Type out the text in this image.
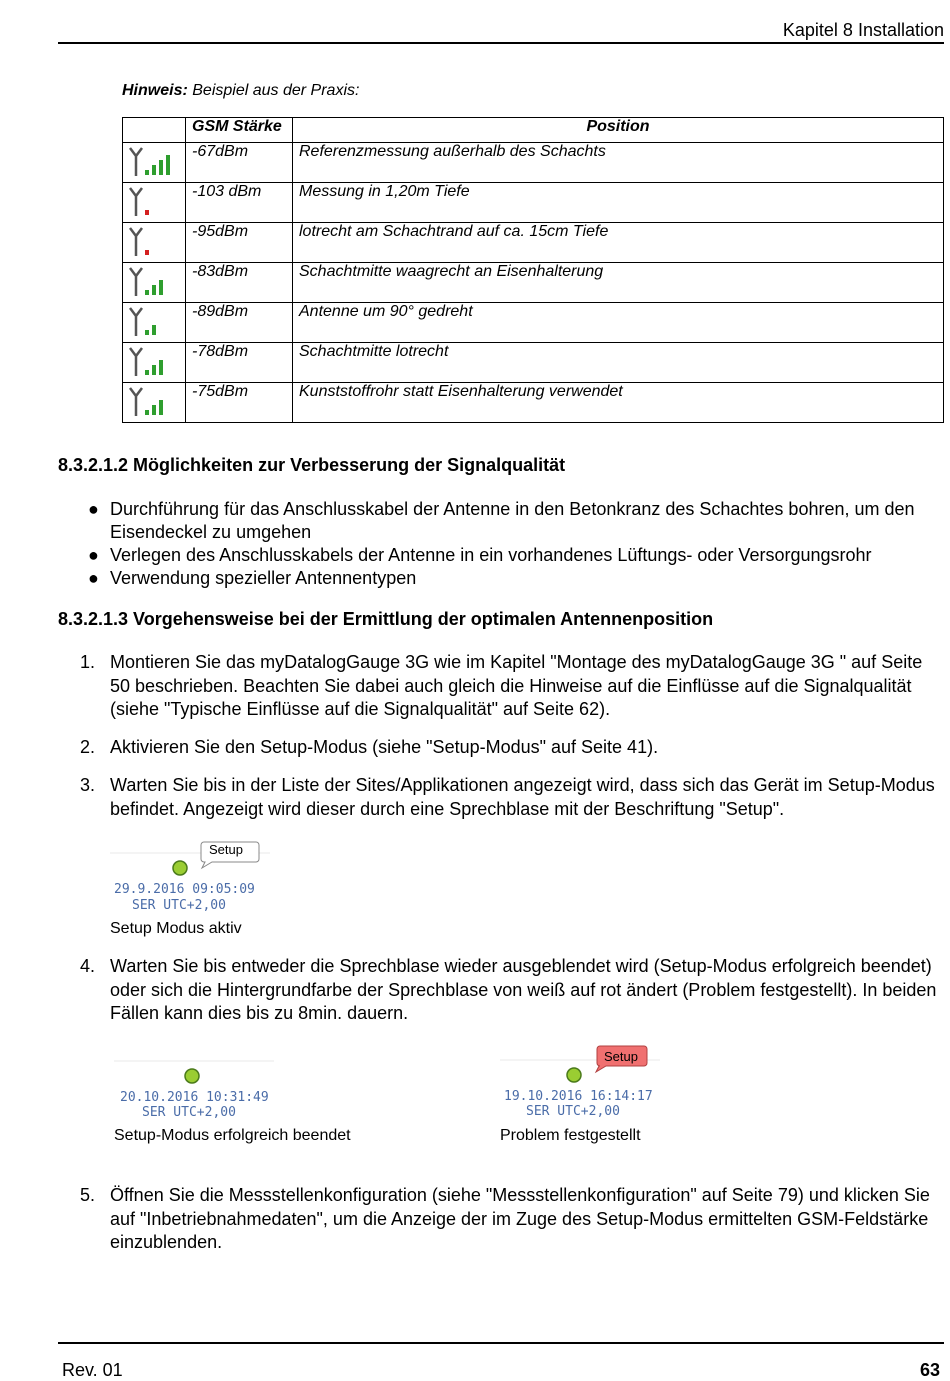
Kapitel 8 Installation
Hinweis: Beispiel aus der Praxis:
	GSM Stärke	Position

	-67dBm	Referenzmessung außerhalb des Schachts

	-103 dBm	Messung in 1,20m Tiefe

	-95dBm	lotrecht am Schachtrand auf ca. 15cm Tiefe

	-83dBm	Schachtmitte waagrecht an Eisenhalterung

	-89dBm	Antenne um 90° gedreht

	-78dBm	Schachtmitte lotrecht

	-75dBm	Kunststoffrohr statt Eisenhalterung verwendet
8.3.2.1.2 Möglichkeiten zur Verbesserung der Signalqualität
● Durchführung für das Anschlusskabel der Antenne in den Betonkranz des Schachtes bohren, um den Eisendeckel zu umgehen
● Verlegen des Anschlusskabels der Antenne in ein vorhandenes Lüftungs- oder Versorgungsrohr
● Verwendung spezieller Antennentypen
8.3.2.1.3 Vorgehensweise bei der Ermittlung der optimalen Antennenposition
1. Montieren Sie das myDatalogGauge 3G wie im Kapitel "Montage des myDatalogGauge 3G " auf Seite 50 beschrieben. Beachten Sie dabei auch gleich die Hinweise auf die Einflüsse auf die Signalqualität (siehe "Typische Einflüsse auf die Signalqualität" auf Seite 62).
2. Aktivieren Sie den Setup-Modus (siehe "Setup-Modus" auf Seite 41).
3. Warten Sie bis in der Liste der Sites/Applikationen angezeigt wird, dass sich das Gerät im Setup-Modus befindet. Angezeigt wird dieser durch eine Sprechblase mit der Beschriftung "Setup".
4. Warten Sie bis entweder die Sprechblase wieder ausgeblendet wird (Setup-Modus erfolgreich beendet) oder sich die Hintergrundfarbe der Sprechblase von weiß auf rot ändert (Problem festgestellt). In beiden Fällen kann dies bis zu 8min. dauern.
5. Öffnen Sie die Messstellenkonfiguration (siehe "Messstellenkonfiguration" auf Seite 79) und klicken Sie auf "Inbetriebnahmedaten", um die Anzeige der im Zuge des Setup-Modus ermittelten GSM-Feldstärke einzublenden.
Setup
29.9.2016 09:05:09
SER UTC+2,00
Setup Modus aktiv
20.10.2016 10:31:49
SER UTC+2,00
Setup-Modus erfolgreich beendet
Setup
19.10.2016 16:14:17
SER UTC+2,00
Problem festgestellt
Rev. 01	63
